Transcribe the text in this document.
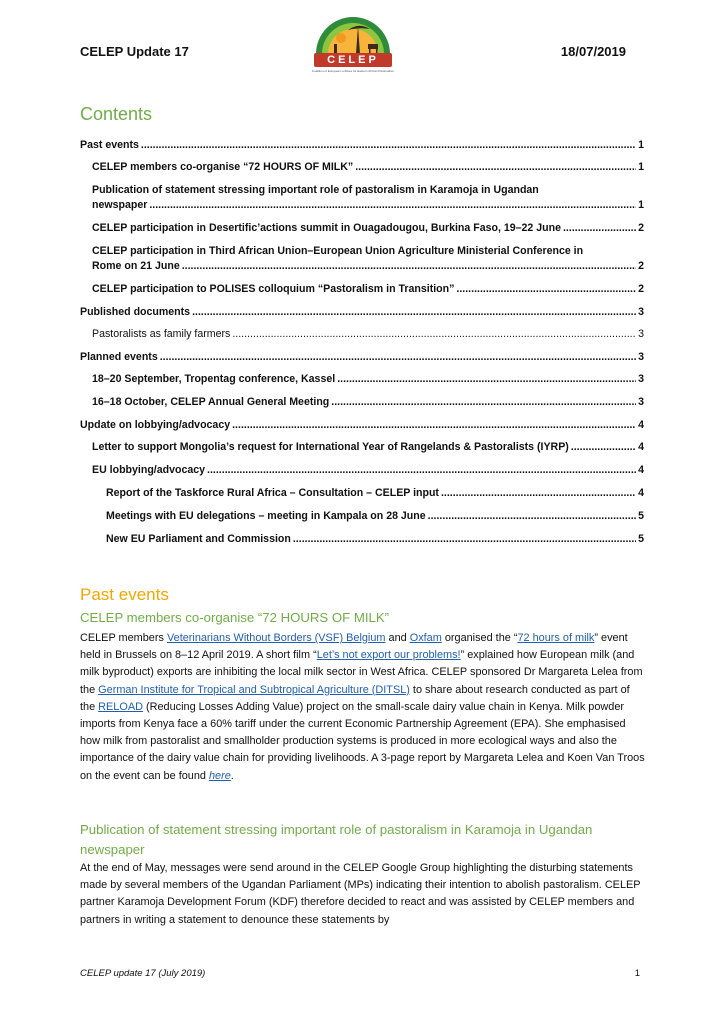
CELEP Update 17
CELEP
Coalition of European Lobbies for Eastern African Pastoralism
18/07/2019
Contents
Past events .....	1
CELEP members co-organise “72 HOURS OF MILK” .....	1
Publication of statement stressing important role of pastoralism in Karamoja in Ugandan
newspaper .....	1
CELEP participation in Desertific’actions summit in Ouagadougou, Burkina Faso, 19–22 June .....	2
CELEP participation in Third African Union–European Union Agriculture Ministerial Conference in
Rome on 21 June .....	2
CELEP participation to POLISES colloquium “Pastoralism in Transition” .....	2
Published documents .....	3
Pastoralists as family farmers .....	3
Planned events .....	3
18–20 September, Tropentag conference, Kassel .....	3
16–18 October, CELEP Annual General Meeting .....	3
Update on lobbying/advocacy .....	4
Letter to support Mongolia’s request for International Year of Rangelands & Pastoralists (IYRP) .....	4
EU lobbying/advocacy .....	4
Report of the Taskforce Rural Africa – Consultation – CELEP input .....	4
Meetings with EU delegations – meeting in Kampala on 28 June .....	5
New EU Parliament and Commission .....	5
Past events
CELEP members co-organise “72 HOURS OF MILK”
CELEP members Veterinarians Without Borders (VSF) Belgium and Oxfam organised the “72 hours of milk” event held in Brussels on 8–12 April 2019. A short film “Let’s not export our problems!” explained how European milk (and milk byproduct) exports are inhibiting the local milk sector in West Africa. CELEP sponsored Dr Margareta Lelea from the German Institute for Tropical and Subtropical Agriculture (DITSL) to share about research conducted as part of the RELOAD (Reducing Losses Adding Value) project on the small-scale dairy value chain in Kenya. Milk powder imports from Kenya face a 60% tariff under the current Economic Partnership Agreement (EPA). She emphasised how milk from pastoralist and smallholder production systems is produced in more ecological ways and also the importance of the dairy value chain for providing livelihoods. A 3-page report by Margareta Lelea and Koen Van Troos on the event can be found here.
Publication of statement stressing important role of pastoralism in Karamoja in Ugandan newspaper
At the end of May, messages were send around in the CELEP Google Group highlighting the disturbing statements made by several members of the Ugandan Parliament (MPs) indicating their intention to abolish pastoralism. CELEP partner Karamoja Development Forum (KDF) therefore decided to react and was assisted by CELEP members and partners in writing a statement to denounce these statements by
CELEP update 17 (July 2019)	1
